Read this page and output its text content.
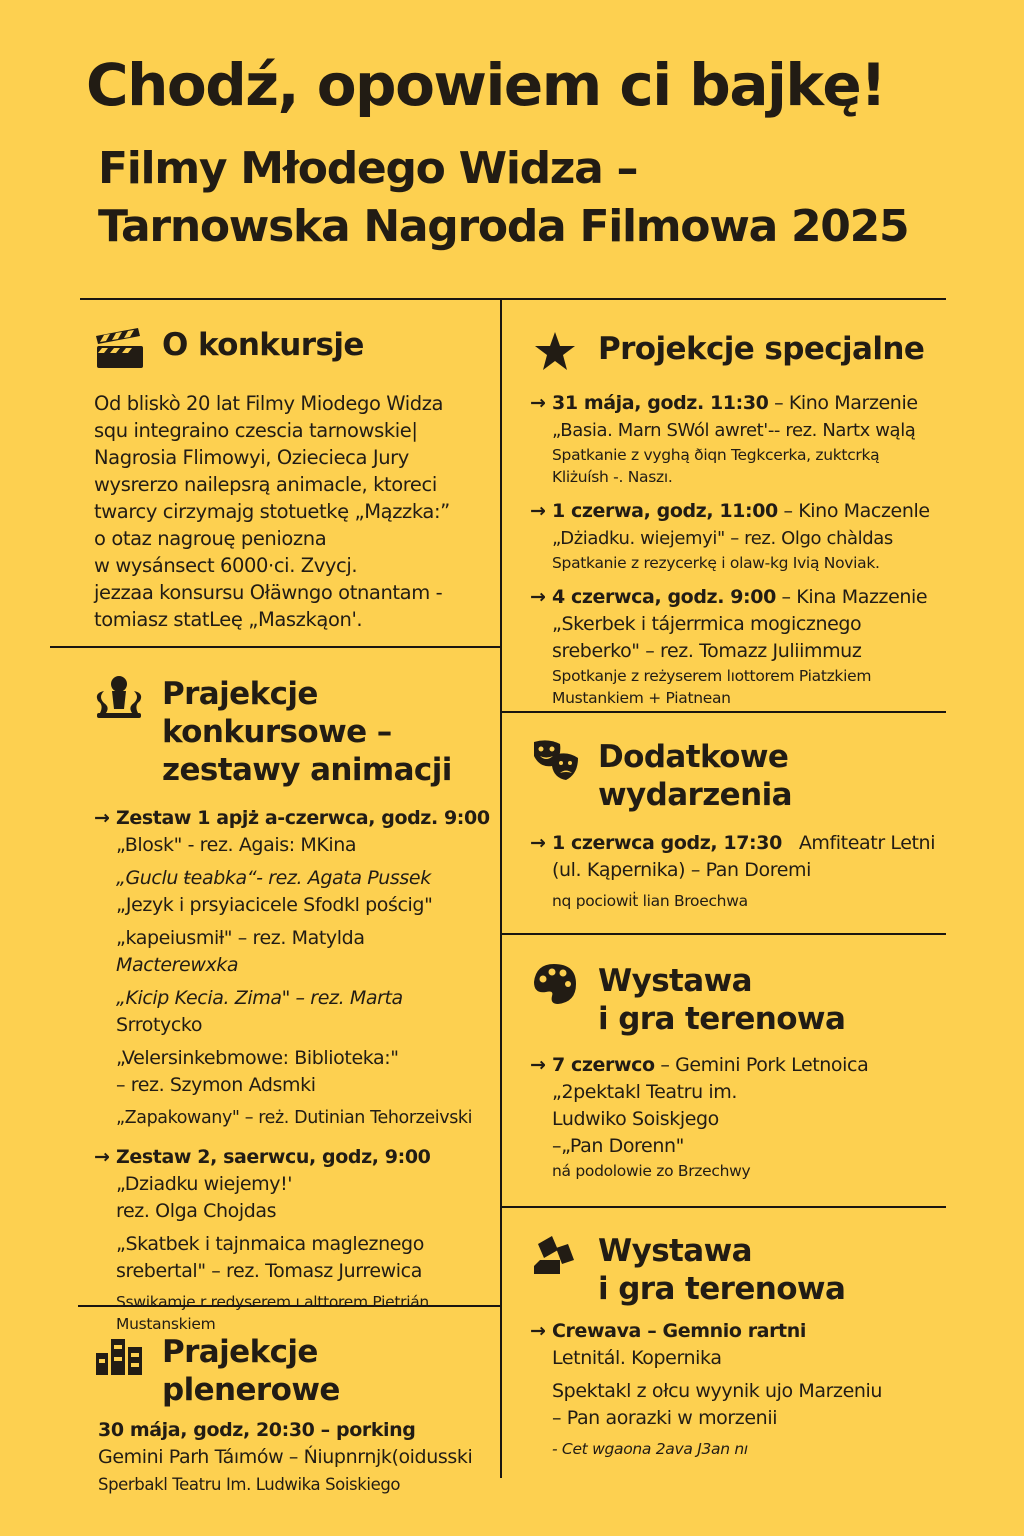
Chodź, opowiem ci bajkę!
Filmy Młodego Widza –
Tarnowska Nagroda Filmowa 2025
O konkursje
Od bliskò 20 lat Filmy Miodego Widza
squ integraino czescia tarnowskie|
Nagrosia Flimowyi, Oziecieca Jury
wysrerzo nailepsrą animacle, ktoreci
twarcy cirzymajg stotuetkę „Mązzka:”
o otaz nagrouę peniozna
w wysánsect 6000·ci. Zvycj.
jezzaa konsursu Ołäwngo otnantam -
tomiasz statLeę „Maszkąon'.
Prajekcje
konkursowe –
zestawy animacji
→ Zestaw 1 apjż a-czerwca, godz. 9:00
„Blosk" - rez. Agais: MKina
„Guclu ŧeabka“- rez. Agata Pussek
„Jezyk i prsyiacicele Sfodkl pościg"
„kapeiusmiƚ" – rez. Matylda
Macterewxka
„Kicip Kecia. Zima" – rez. Marta
Srrotycko
„Velersinkebmowe: Biblioteka:"
– rez. Szymon Adsmki
„Zapakowany" – reż. Dutinian Tehorzeivski
→ Zestaw 2, saerwcu, godz, 9:00
„Dziadku wiejemy!'
rez. Olga Chojdas
„Skatbek i tajnmaica magleznego
srebertal" – rez. Tomasz Jurrewica
Sswikamje r redyserem ı alttorem Pietrián
Mustanskiem
Prajekcje plenerowe
30 mája, godz, 20:30 – porking
Gemini Parh Táımów – Ńiupnrnjk(oidusski
Sperbakl Teatru Im. Ludwika Soiskiego
Projekcje specjalne
→ 31 mája, godz. 11:30 – Kino Marzenie
„Basia. Marn SWól awret'-- rez. Nartx wąlą
Spatkanie z vyghą ðiqn Tegkcerka, zuktcrką
Kliżuísh -. Naszı.
→ 1 czerwa, godz, 11:00 – Kino Maczenle
„Dżiadku. wiejemyi" – rez. Olgo chàldas
Spatkanie z rezycerkę i olaw-kg Ivią Noviak.
→ 4 czerwca, godz. 9:00 – Kina Mazzenie
„Skerbek i tájerrmica mogicznego
sreberko" – rez. Tomazz Juliimmuz
Spotkanje z reżyserem lıottorem Piatzkiem
Mustankiem + Piatnean
Dodatkowe
wydarzenia
→ 1 czerwca godz, 17:30 Amfiteatr Letni
(ul. Kąpernika) – Pan Doremi
nq pociowiṫ lian Broechwa
Wystawa
i gra terenowa
→ 7 czerwco – Gemini Pork Letnoica
„2pektakl Teatru im.
Ludwiko Soiskjego
–„Pan Dorenn"
ná podolowie zo Brzechwy
Wystawa
i gra terenowa
→ Crewava – Gemnio rartni
Letnitál. Kopernika
Spektakl z ołcu wyynik ujo Marzeniu
– Pan aorazki w morzenii
- Cet wgaona 2ava J3an nı
